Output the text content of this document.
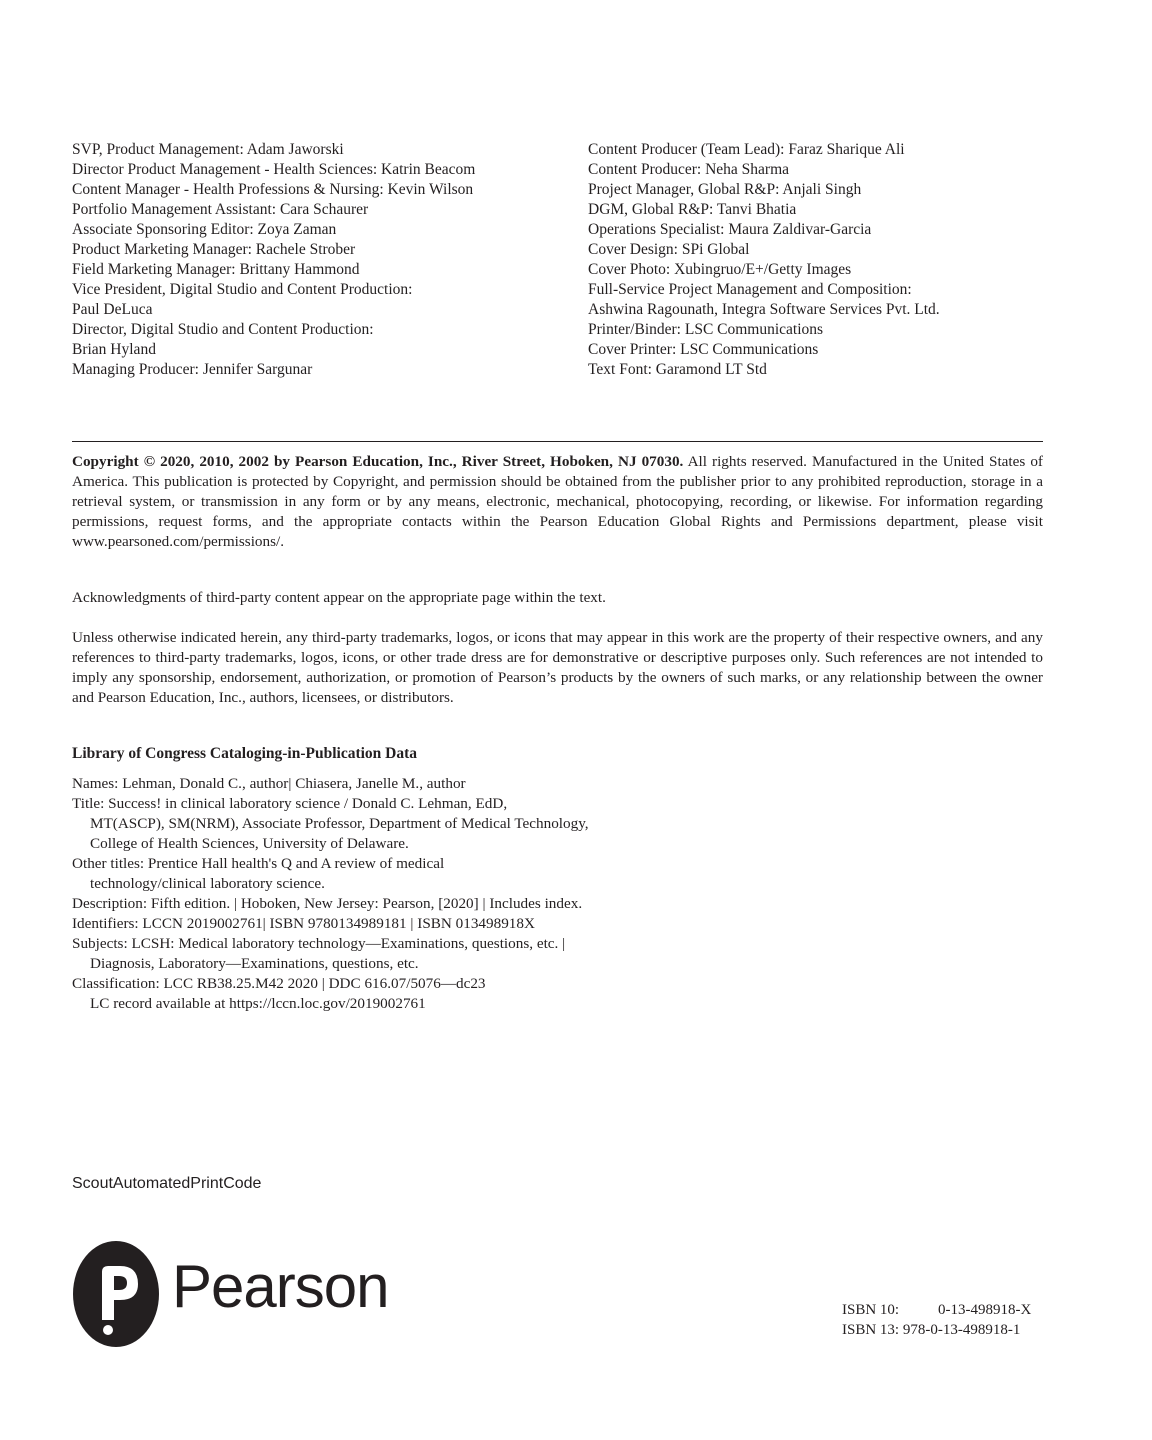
SVP, Product Management: Adam Jaworski
Director Product Management - Health Sciences: Katrin Beacom
Content Manager - Health Professions & Nursing: Kevin Wilson
Portfolio Management Assistant: Cara Schaurer
Associate Sponsoring Editor: Zoya Zaman
Product Marketing Manager: Rachele Strober
Field Marketing Manager: Brittany Hammond
Vice President, Digital Studio and Content Production:
Paul DeLuca
Director, Digital Studio and Content Production:
Brian Hyland
Managing Producer: Jennifer Sargunar
Content Producer (Team Lead): Faraz Sharique Ali
Content Producer: Neha Sharma
Project Manager, Global R&P: Anjali Singh
DGM, Global R&P: Tanvi Bhatia
Operations Specialist: Maura Zaldivar-Garcia
Cover Design: SPi Global
Cover Photo: Xubingruo/E+/Getty Images
Full-Service Project Management and Composition:
Ashwina Ragounath, Integra Software Services Pvt. Ltd.
Printer/Binder: LSC Communications
Cover Printer: LSC Communications
Text Font: Garamond LT Std

Copyright © 2020, 2010, 2002 by Pearson Education, Inc., River Street, Hoboken, NJ 07030. All rights reserved. Manufactured in the United States of America. This publication is protected by Copyright, and permission should be obtained from the publisher prior to any prohibited reproduction, storage in a retrieval system, or transmission in any form or by any means, electronic, mechanical, photocopying, recording, or likewise. For information regarding permissions, request forms, and the appropriate contacts within the Pearson Education Global Rights and Permissions department, please visit www.pearsoned.com/permissions/.

Acknowledgments of third-party content appear on the appropriate page within the text.

Unless otherwise indicated herein, any third-party trademarks, logos, or icons that may appear in this work are the property of their respective owners, and any references to third-party trademarks, logos, icons, or other trade dress are for demonstrative or descriptive purposes only. Such references are not intended to imply any sponsorship, endorsement, authorization, or promotion of Pearson’s products by the owners of such marks, or any relationship between the owner and Pearson Education, Inc., authors, licensees, or distributors.

Library of Congress Cataloging-in-Publication Data
Names: Lehman, Donald C., author| Chiasera, Janelle M., author
Title: Success! in clinical laboratory science / Donald C. Lehman, EdD,
MT(ASCP), SM(NRM), Associate Professor, Department of Medical Technology,
College of Health Sciences, University of Delaware.
Other titles: Prentice Hall health's Q and A review of medical
technology/clinical laboratory science.
Description: Fifth edition. | Hoboken, New Jersey: Pearson, [2020] | Includes index.
Identifiers: LCCN 2019002761| ISBN 9780134989181 | ISBN 013498918X
Subjects: LCSH: Medical laboratory technology—Examinations, questions, etc. |
Diagnosis, Laboratory—Examinations, questions, etc.
Classification: LCC RB38.25.M42 2020 | DDC 616.07/5076—dc23
LC record available at https://lccn.loc.gov/2019002761
ScoutAutomatedPrintCode
Pearson	ISBN 10:	0-13-498918-X
ISBN 13: 978-0-13-498918-1
